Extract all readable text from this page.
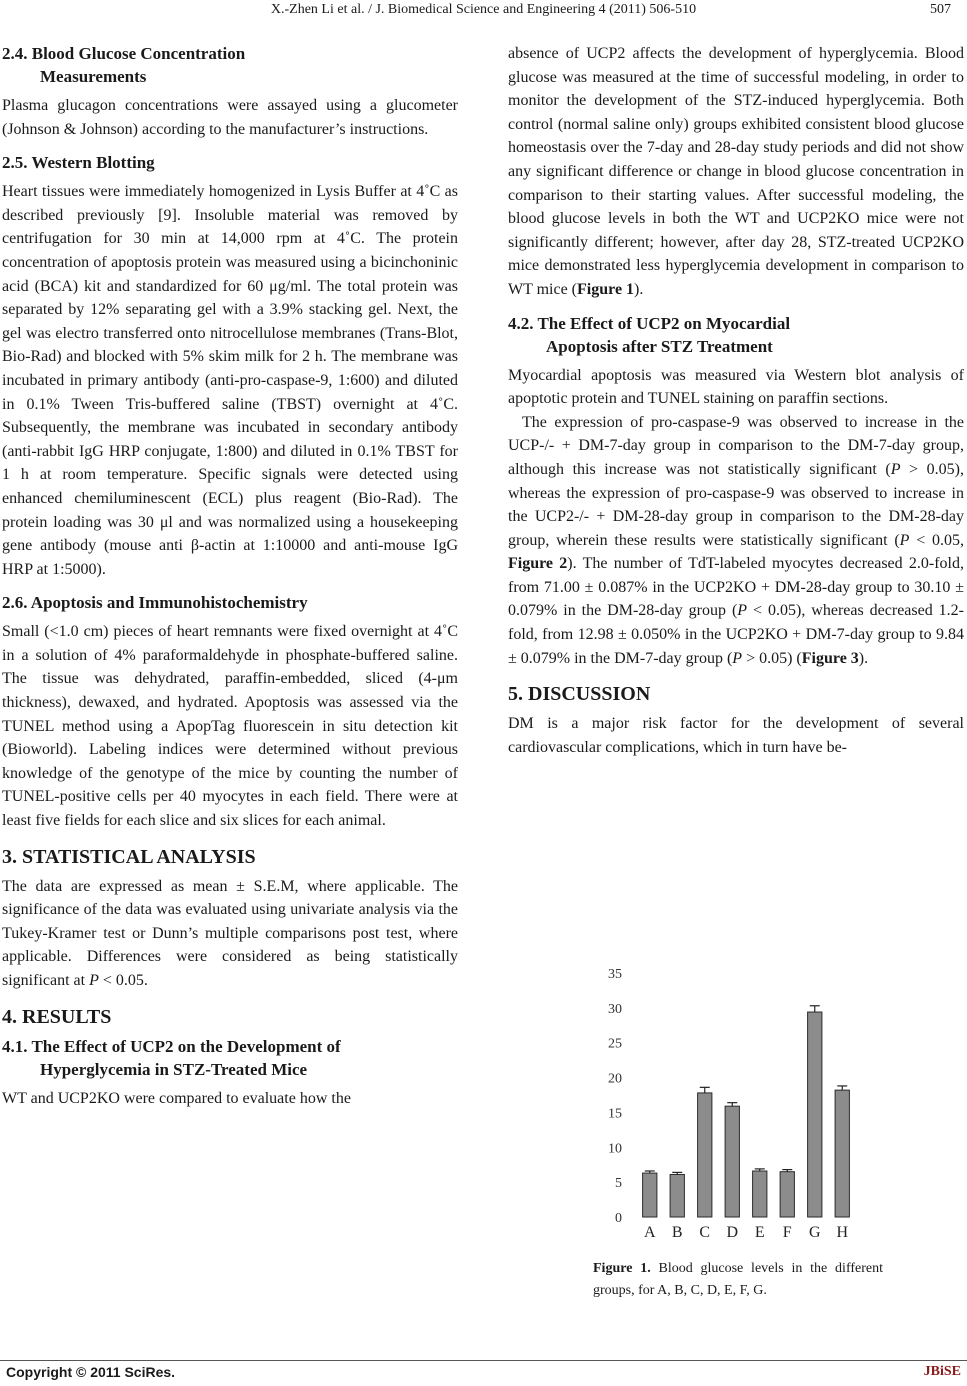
X.-Zhen Li et al. / J. Biomedical Science and Engineering 4 (2011) 506-510	507
2.4. Blood Glucose Concentration
Measurements

Plasma glucagon concentrations were assayed using a glucometer (Johnson & Johnson) according to the manufacturer’s instructions.

2.5. Western Blotting

Heart tissues were immediately homogenized in Lysis Buffer at 4˚C as described previously [9]. Insoluble material was removed by centrifugation for 30 min at 14,000 rpm at 4˚C. The protein concentration of apoptosis protein was measured using a bicinchoninic acid (BCA) kit and standardized for 60 μg/ml. The total protein was separated by 12% separating gel with a 3.9% stacking gel. Next, the gel was electro transferred onto nitrocellulose membranes (Trans-Blot, Bio-Rad) and blocked with 5% skim milk for 2 h. The membrane was incubated in primary antibody (anti-pro-caspase-9, 1:600) and diluted in 0.1% Tween Tris-buffered saline (TBST) overnight at 4˚C. Subsequently, the membrane was incubated in secondary antibody (anti-rabbit IgG HRP conjugate, 1:800) and diluted in 0.1% TBST for 1 h at room temperature. Specific signals were detected using enhanced chemiluminescent (ECL) plus reagent (Bio-Rad). The protein loading was 30 μl and was normalized using a housekeeping gene antibody (mouse anti β-actin at 1:10000 and anti-mouse IgG HRP at 1:5000).

2.6. Apoptosis and Immunohistochemistry

Small (<1.0 cm) pieces of heart remnants were fixed overnight at 4˚C in a solution of 4% paraformaldehyde in phosphate-buffered saline. The tissue was dehydrated, paraffin-embedded, sliced (4-μm thickness), dewaxed, and hydrated. Apoptosis was assessed via the TUNEL method using a ApopTag fluorescein in situ detection kit (Bioworld). Labeling indices were determined without previous knowledge of the genotype of the mice by counting the number of TUNEL-positive cells per 40 myocytes in each field. There were at least five fields for each slice and six slices for each animal.

3. STATISTICAL ANALYSIS

The data are expressed as mean ± S.E.M, where applicable. The significance of the data was evaluated using univariate analysis via the Tukey-Kramer test or Dunn’s multiple comparisons post test, where applicable. Differences were considered as being statistically significant at P < 0.05.

4. RESULTS
4.1. The Effect of UCP2 on the Development of
Hyperglycemia in STZ-Treated Mice

WT and UCP2KO were compared to evaluate how the

absence of UCP2 affects the development of hyperglycemia. Blood glucose was measured at the time of successful modeling, in order to monitor the development of the STZ-induced hyperglycemia. Both control (normal saline only) groups exhibited consistent blood glucose homeostasis over the 7-day and 28-day study periods and did not show any significant difference or change in blood glucose concentration in comparison to their starting values. After successful modeling, the blood glucose levels in both the WT and UCP2KO mice were not significantly different; however, after day 28, STZ-treated UCP2KO mice demonstrated less hyperglycemia development in comparison to WT mice (Figure 1).

4.2. The Effect of UCP2 on Myocardial
Apoptosis after STZ Treatment

Myocardial apoptosis was measured via Western blot analysis of apoptotic protein and TUNEL staining on paraffin sections.

The expression of pro-caspase-9 was observed to increase in the UCP-/- + DM-7-day group in comparison to the DM-7-day group, although this increase was not statistically significant (P > 0.05), whereas the expression of pro-caspase-9 was observed to increase in the UCP2-/- + DM-28-day group in comparison to the DM-28-day group, wherein these results were statistically significant (P < 0.05, Figure 2). The number of TdT-labeled myocytes decreased 2.0-fold, from 71.00 ± 0.087% in the UCP2KO + DM-28-day group to 30.10 ± 0.079% in the DM-28-day group (P < 0.05), whereas decreased 1.2-fold, from 12.98 ± 0.050% in the UCP2KO + DM-7-day group to 9.84 ± 0.079% in the DM-7-day group (P > 0.05) (Figure 3).

5. DISCUSSION

DM is a major risk factor for the development of several cardiovascular complications, which in turn have be-

0
5
10
15
20
25
30
35
A B C D E F G H
Figure 1. Blood glucose levels in the different groups, for A, B, C, D, E, F, G.
Copyright © 2011 SciRes.	JBiSE
